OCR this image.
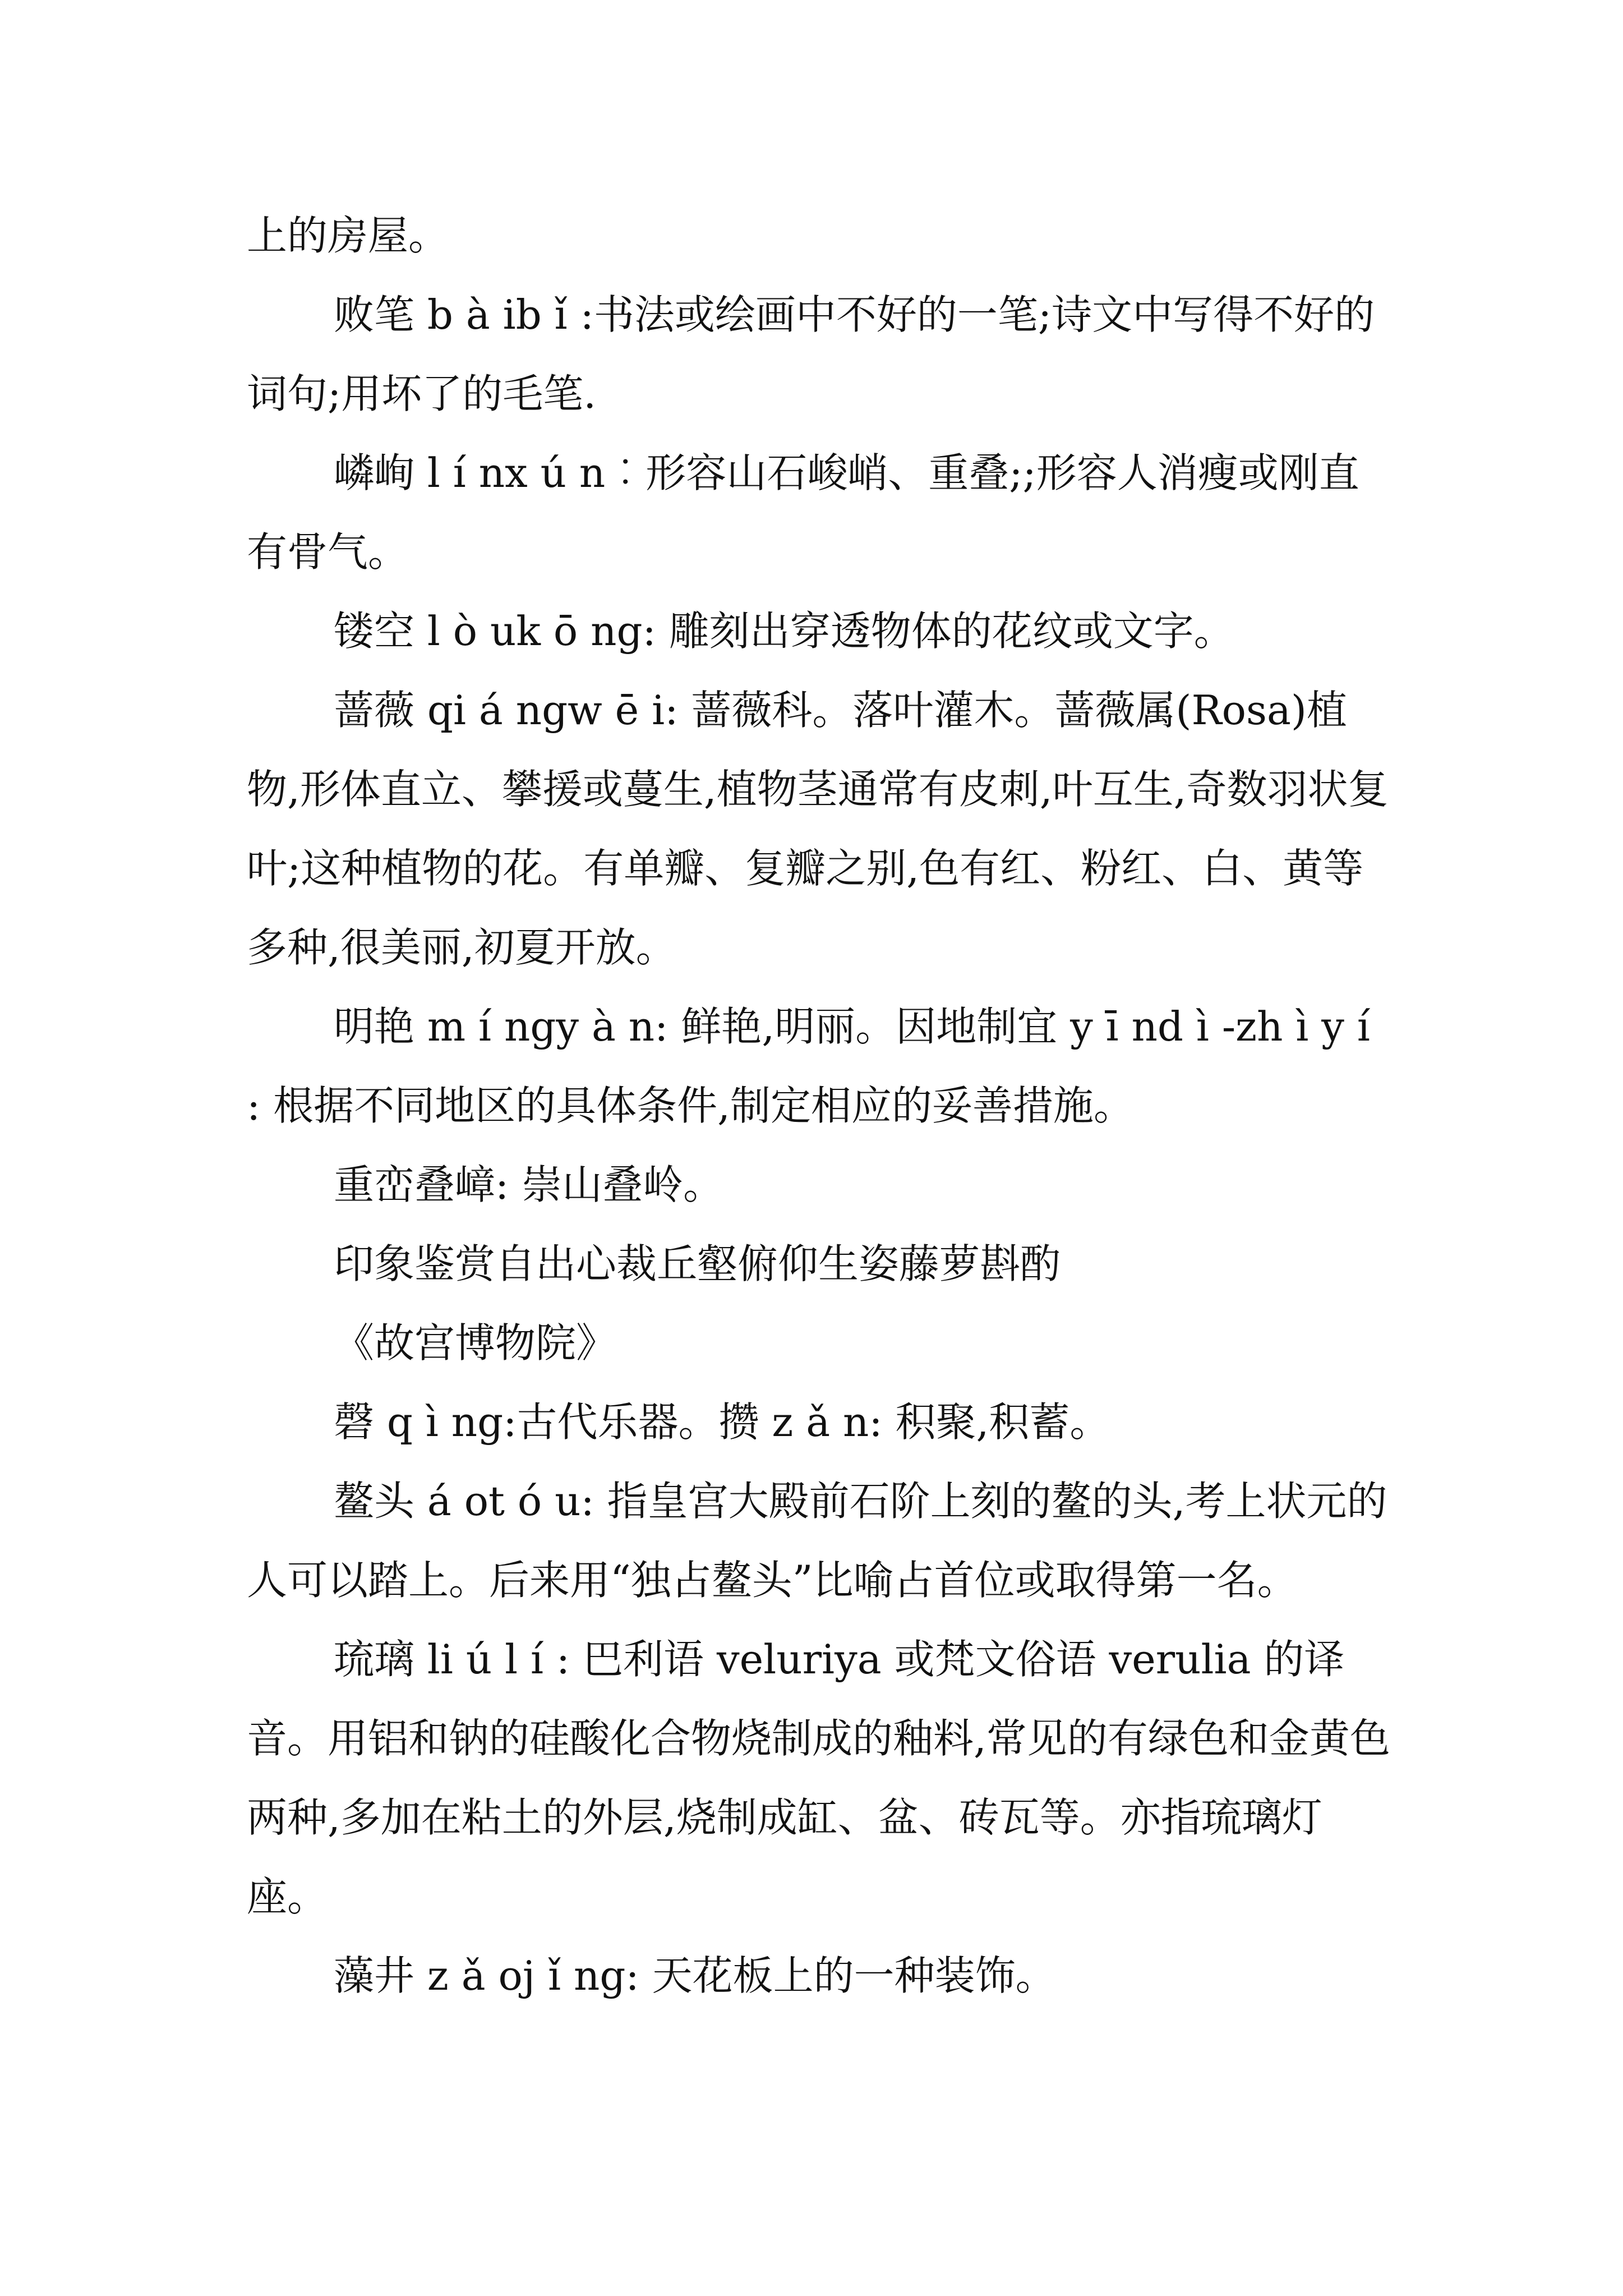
上的房屋。

败笔 b à ib ǐ :书法或绘画中不好的一笔;诗文中写得不好的词句;用坏了的毛笔.

嶙峋 l í nx ú n︰形容山石峻峭、重叠;;形容人消瘦或刚直有骨气。

镂空 l ò uk ō ng: 雕刻出穿透物体的花纹或文字。

蔷薇 qi á ngw ē i: 蔷薇科。落叶灌木。蔷薇属(Rosa)植物,形体直立、攀援或蔓生,植物茎通常有皮刺,叶互生,奇数羽状复叶;这种植物的花。有单瓣、复瓣之别,色有红、粉红、白、黄等多种,很美丽,初夏开放。

明艳 m í ngy à n: 鲜艳,明丽。因地制宜 y ī nd ì -zh ì y í : 根据不同地区的具体条件,制定相应的妥善措施。

重峦叠嶂: 崇山叠岭。

印象鉴赏自出心裁丘壑俯仰生姿藤萝斟酌

《故宫博物院》

磬 q ì ng:古代乐器。攒 z ǎ n: 积聚,积蓄。

鳌头 á ot ó u: 指皇宫大殿前石阶上刻的鳌的头,考上状元的人可以踏上。后来用“独占鳌头”比喻占首位或取得第一名。

琉璃 li ú l í : 巴利语 veluriya 或梵文俗语 verulia 的译音。用铝和钠的硅酸化合物烧制成的釉料,常见的有绿色和金黄色两种,多加在粘土的外层,烧制成缸、盆、砖瓦等。亦指琉璃灯座。

藻井 z ǎ oj ǐ ng: 天花板上的一种装饰。
